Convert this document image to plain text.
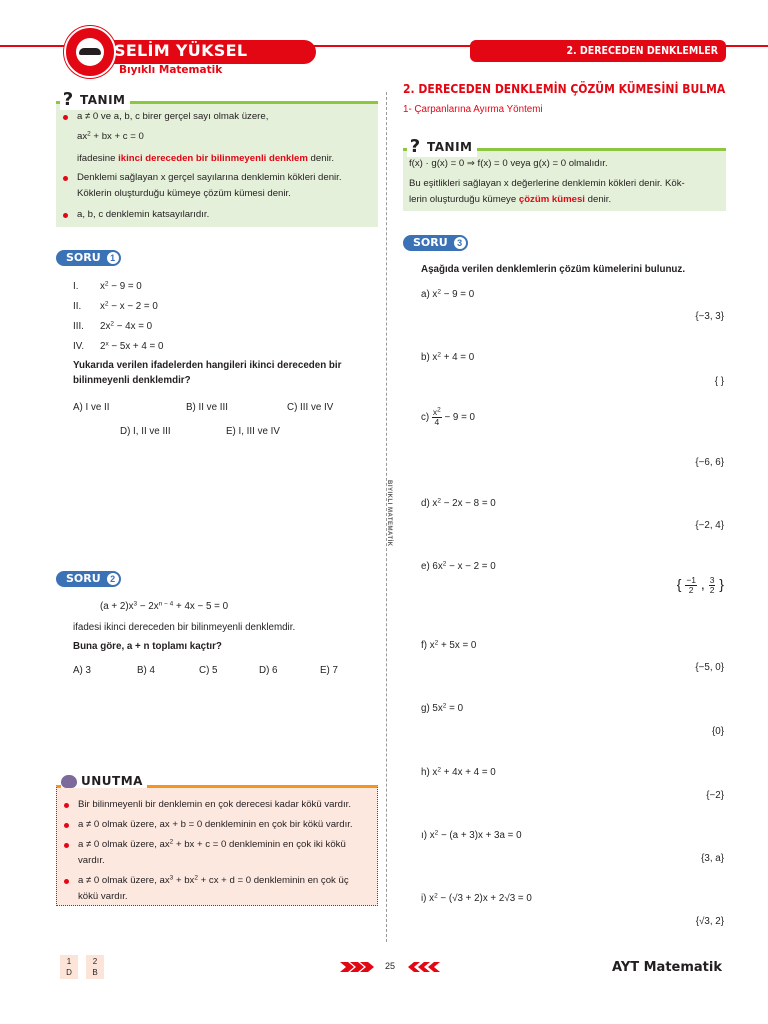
SELİM YÜKSEL
Bıyıklı Matematik
2. DERECEDEN DENKLEMLER
BIYIKLI MATEMATİK
? TANIM
a ≠ 0 ve a, b, c birer gerçel sayı olmak üzere,
$ax^2$ + bx + c = 0
ifadesine ikinci dereceden bir bilinmeyenli denklem denir.
Denklemi sağlayan x gerçel sayılarına denklemin kökleri denir.
Köklerin oluşturduğu kümeye çözüm kümesi denir.
a, b, c denklemin katsayılarıdır.
SORU	1
I. $x^2 - 9 = 0$
II. $x^2 - x - 2 = 0$
III. $2x^2 - 4x = 0$
IV. $2^x - 5x + 4 = 0$
Yukarıda verilen ifadelerden hangileri ikinci dereceden bir
bilinmeyenli denklemdir?
A) I ve II	B) II ve III	C) III ve IV
D) I, II ve III	E) I, III ve IV
SORU	2
$(a + 2)x^3 - 2x^{n - 4} + 4x - 5 = 0$
ifadesi ikinci dereceden bir bilinmeyenli denklemdir.
Buna göre, a + n toplamı kaçtır?
A) 3	B) 4	C) 5	D) 6	E) 7
UNUTMA
Bir bilinmeyenli bir denklemin en çok derecesi kadar kökü vardır.
a ≠ 0 olmak üzere, ax + b = 0 denkleminin en çok bir kökü vardır.
a ≠ 0 olmak üzere, $ax^2$ + bx + c = 0 denkleminin en çok iki kökü
vardır.
a ≠ 0 olmak üzere, $ax^3 + bx^2$ + cx + d = 0 denkleminin en çok üç
kökü vardır.
2. DERECEDEN DENKLEMİN ÇÖZÜM KÜMESİNİ BULMA
1- Çarpanlarına Ayırma Yöntemi
? TANIM
f(x) · g(x) = 0 ⇒ f(x) = 0 veya g(x) = 0 olmalıdır.
Bu eşitlikleri sağlayan x değerlerine denklemin kökleri denir. Kök-
lerin oluşturduğu kümeye çözüm kümesi denir.
SORU	3
Aşağıda verilen denklemlerin çözüm kümelerini bulunuz.
a) $x^2 - 9 = 0$
{−3, 3}
b) $x^2 + 4 = 0$
{ }
$c) \frac{x^2}{4} - 9 = 0$
{−6, 6}
d) $x^2 - 2x - 8 = 0$
{−2, 4}
e) $6x^2 - x - 2 = 0$
{ $\frac{-1}{2}$ , $\frac{3}{2}$ }
f) $x^2 + 5x = 0$
{−5, 0}
g) $5x^2 = 0$
{0}
h) $x^2 + 4x + 4 = 0$
{−2}
ı) $x^2 - (a + 3)x + 3a = 0$
{3, a}
i) $x^2 - (√3 + 2)x + 2√3 = 0$
{√3, 2}
1
D
2
B
25	AYT Matematik
